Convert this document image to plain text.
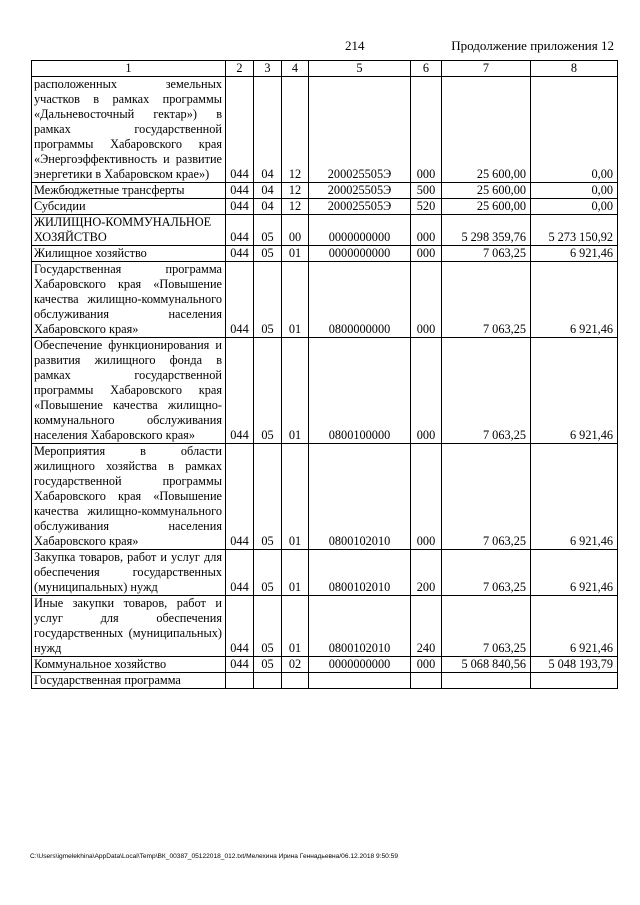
214	Продолжение приложения 12
1	2	3	4	5	6	7	8
расположенных земельных участков в рамках программы «Дальневосточный гектар») в рамках государственной программы Хабаровского края «Энергоэффективность и развитие энергетики в Хабаровском крае»)	044	04	12	200025505Э	000	25 600,00	0,00
Межбюджетные трансферты	044	04	12	200025505Э	500	25 600,00	0,00
Субсидии	044	04	12	200025505Э	520	25 600,00	0,00
ЖИЛИЩНО-КОММУНАЛЬНОЕ ХОЗЯЙСТВО	044	05	00	0000000000	000	5 298 359,76	5 273 150,92
Жилищное хозяйство	044	05	01	0000000000	000	7 063,25	6 921,46
Государственная программа Хабаровского края «Повышение качества жилищно-коммунального обслуживания населения Хабаровского края»	044	05	01	0800000000	000	7 063,25	6 921,46
Обеспечение функционирования и развития жилищного фонда в рамках государственной программы Хабаровского края «Повышение качества жилищно-коммунального обслуживания населения Хабаровского края»	044	05	01	0800100000	000	7 063,25	6 921,46
Мероприятия в области жилищного хозяйства в рамках государственной программы Хабаровского края «Повышение качества жилищно-коммунального обслуживания населения Хабаровского края»	044	05	01	0800102010	000	7 063,25	6 921,46
Закупка товаров, работ и услуг для обеспечения государственных (муниципальных) нужд	044	05	01	0800102010	200	7 063,25	6 921,46
Иные закупки товаров, работ и услуг для обеспечения государственных (муниципальных) нужд	044	05	01	0800102010	240	7 063,25	6 921,46
Коммунальное хозяйство	044	05	02	0000000000	000	5 068 840,56	5 048 193,79
Государственная программа							
C:\Users\igmelekhina\AppData\Local\Temp\ВК_00387_05122018_012.txt/Мелехина Ирина Геннадьевна/06.12.2018 9:50:59
